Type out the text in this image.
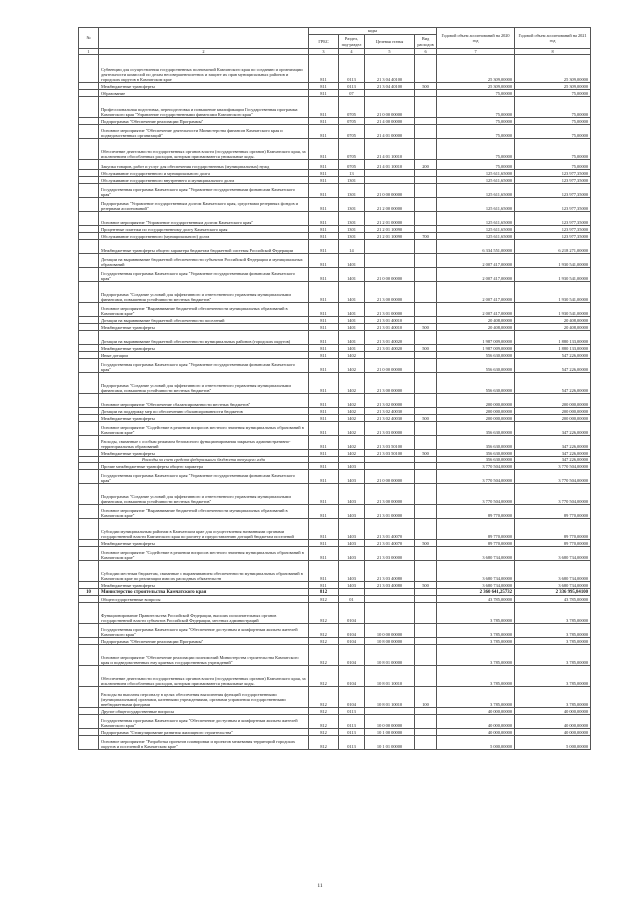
№		коды				Годовой объем ассигнований на 2020 год	Годовой объем ассигнований на 2021 год
		ГРБС	Раздел, под-раздел	Целевая статья	Вид расходов		
1	2	3	4	5	6	7	8
	Субвенции для осуществления государственных полномочий Камчатского края по созданию и организации деятельности комиссий по делам несовершеннолетних и защите их прав муниципальных районов и городских округов в Камчатском крае	811	0113	21 3 04 40100		25 309,00000	25 309,00000
	Межбюджетные трансферты	811	0113	21 3 04 40100	500	25 309,00000	25 309,00000
	Образование	811	07			75,00000	75,00000
	Профессиональная подготовка, переподготовка и повышение квалификации Государственная программа Камчатского края "Управление государственными финансами Камчатского края"	811	0705	21 0 00 00000		75,00000	75,00000
	Подпрограмма "Обеспечение реализации Программы"	811	0705	21 4 00 00000		75,00000	75,00000
	Основное мероприятие "Обеспечение деятельности Министерства финансов Камчатского края и подведомственных организаций"	811	0705	21 4 01 00000		75,00000	75,00000
	Обеспечение деятельности государственных органов власти (государственных органов) Камчатского края, за исключением обособленных расходов, которым присваиваются уникальные коды.	811	0705	21 4 01 10010		75,00000	75,00000
	Закупка товаров, работ и услуг для обеспечения государственных (муниципальных) нужд	811	0705	21 4 01 10010	200	75,00000	75,00000
	Обслуживание государственного и муниципального долга	811	13			125 611,65000	123 977,35000
	Обслуживание государственного внутреннего и муниципального долга	811	1301			125 611,65000	123 977,35000
	Государственная программа Камчатского края "Управление государственными финансами Камчатского края"	811	1301	21 0 00 00000		125 611,65000	123 977,35000
	Подпрограмма "Управление государственным долгом Камчатского края, средствами резервных фондов и резервами ассигнований"	811	1301	21 2 00 00000		125 611,65000	123 977,35000
	Основное мероприятие "Управление государственным долгом Камчатского края"	811	1301	21 2 01 00000		125 611,65000	123 977,35000
	Процентные платежи по государственному долгу Камчатского края	811	1301	21 2 01 10090		125 611,65000	123 977,35000
	Обслуживание государственного (муниципального) долга	811	1301	21 2 01 10090	700	125 611,65000	123 977,35000
	Межбюджетные трансферты общего характера бюджетам бюджетной системы Российской Федерации	811	14			6 334 551,00000	6 218 271,00000
	Дотации на выравнивание бюджетной обеспеченности субъектов Российской Федерации и муниципальных образований	811	1401			2 007 417,00000	1 930 541,00000
	Государственная программа Камчатского края "Управление государственными финансами Камчатского края"	811	1401	21 0 00 00000		2 007 417,00000	1 930 541,00000
	Подпрограмма "Создание условий для эффективного и ответственного управления муниципальными финансами, повышения устойчивости местных бюджетов"	811	1401	21 3 00 00000		2 007 417,00000	1 930 541,00000
	Основное мероприятие "Выравнивание бюджетной обеспеченности муниципальных образований в Камчатском крае"	811	1401	21 3 01 00000		2 007 417,00000	1 930 541,00000
	Дотации на выравнивание бюджетной обеспеченности поселений	811	1401	21 3 01 40010		20 408,00000	20 408,00000
	Межбюджетные трансферты	811	1401	21 3 01 40010	500	20 408,00000	20 408,00000
	Дотации на выравнивание бюджетной обеспеченности муниципальных районов (городских округов)	811	1401	21 3 01 40020		1 987 009,00000	1 880 133,00000
	Межбюджетные трансферты	811	1401	21 3 01 40020	500	1 987 009,00000	1 880 133,00000
	Иные дотации	811	1402			556 630,00000	547 226,00000
	Государственная программа Камчатского края "Управление государственными финансами Камчатского края"	811	1402	21 0 00 00000		556 630,00000	547 226,00000
	Подпрограмма "Создание условий для эффективного и ответственного управления муниципальными финансами, повышения устойчивости местных бюджетов"	811	1402	21 3 00 00000		556 630,00000	547 226,00000
	Основное мероприятие "Обеспечение сбалансированности местных бюджетов"	811	1402	21 3 02 00000		200 000,00000	200 000,00000
	Дотации на поддержку мер по обеспечению сбалансированности бюджетов	811	1402	21 3 02 40030		200 000,00000	200 000,00000
	Межбюджетные трансферты	811	1402	21 3 02 40030	500	200 000,00000	200 000,00000
	Основное мероприятие "Содействие в решении вопросов местного значения муниципальных образований в Камчатском крае"	811	1402	21 3 03 00000		356 630,00000	347 226,00000
	Расходы, связанные с особым режимом безопасного функционирования закрытых административно-территориальных образований	811	1402	21 3 03 50100		356 630,00000	347 226,00000
	Межбюджетные трансферты	811	1402	21 3 03 50100	500	356 630,00000	347 226,00000
	Расходы за счет средств федерального бюджета текущего года					356 630,00000	347 226,00000
	Прочие межбюджетные трансферты общего характера	811	1403			3 770 504,00000	3 770 504,00000
	Государственная программа Камчатского края "Управление государственными финансами Камчатского края"	811	1403	21 0 00 00000		3 770 504,00000	3 770 504,00000
	Подпрограмма "Создание условий для эффективного и ответственного управления муниципальными финансами, повышения устойчивости местных бюджетов"	811	1403	21 3 00 00000		3 770 504,00000	3 770 504,00000
	Основное мероприятие "Выравнивание бюджетной обеспеченности муниципальных образований в Камчатском крае"	811	1403	21 3 01 00000		89 770,00000	89 770,00000
	Субсидии муниципальным районам в Камчатском крае для осуществления названными органами государственной власти Камчатского края по расчету и предоставлению дотаций бюджетам поселений	811	1403	21 3 01 40070		89 770,00000	89 770,00000
	Межбюджетные трансферты	811	1403	21 3 01 40070	500	89 770,00000	89 770,00000
	Основное мероприятие "Содействие в решении вопросов местного значения муниципальных образований в Камчатском крае"	811	1403	21 3 03 00000		3 680 734,00000	3 680 734,00000
	Субсидии местным бюджетам, связанные с выравниванием обеспеченности муниципальных образований в Камчатском крае по реализации ими их расходных обязательств	811	1403	21 3 03 40080		3 680 734,00000	3 680 734,00000
	Межбюджетные трансферты	811	1403	21 3 03 40080	500	3 680 734,00000	3 680 734,00000
10	Министерство строительства Камчатского края	812				2 360 641,25732	2 336 995,84100
	Общегосударственные вопросы	812	01			43 785,00000	43 785,00000
	Функционирование Правительства Российской Федерации, высших исполнительных органов государственной власти субъектов Российской Федерации, местных администраций	812	0104			3 785,00000	3 785,00000
	Государственная программа Камчатского края "Обеспечение доступным и комфортным жильем жителей Камчатского края"	812	0104	10 0 00 00000		3 785,00000	3 785,00000
	Подпрограмма "Обеспечение реализации Программы"	812	0104	10 8 00 00000		3 785,00000	3 785,00000
	Основное мероприятие "Обеспечение реализации полномочий Министерства строительства Камчатского края и подведомственных ему краевых государственных учреждений"	812	0104	10 8 01 00000		3 785,00000	3 785,00000
	Обеспечение деятельности государственных органов власти (государственных органов) Камчатского края, за исключением обособленных расходов, которым присваиваются уникальные коды.	812	0104	10 8 01 10010		3 785,00000	3 785,00000
	Расходы на выплаты персоналу в целях обеспечения выполнения функций государственными (муниципальными) органами, казенными учреждениями, органами управления государственными внебюджетными фондами	812	0104	10 8 01 10010	100	3 785,00000	3 785,00000
	Другие общегосударственные вопросы	812	0113			40 000,00000	40 000,00000
	Государственная программа Камчатского края "Обеспечение доступным и комфортным жильем жителей Камчатского края"	812	0113	10 0 00 00000		40 000,00000	40 000,00000
	Подпрограмма "Стимулирование развития жилищного строительства"	812	0113	10 1 00 00000		40 000,00000	40 000,00000
	Основное мероприятие "Разработка проектов планировки и проектов межевания территорий городских округов и поселений в Камчатском крае"	812	0113	10 1 01 00000		5 000,00000	5 000,00000
11
